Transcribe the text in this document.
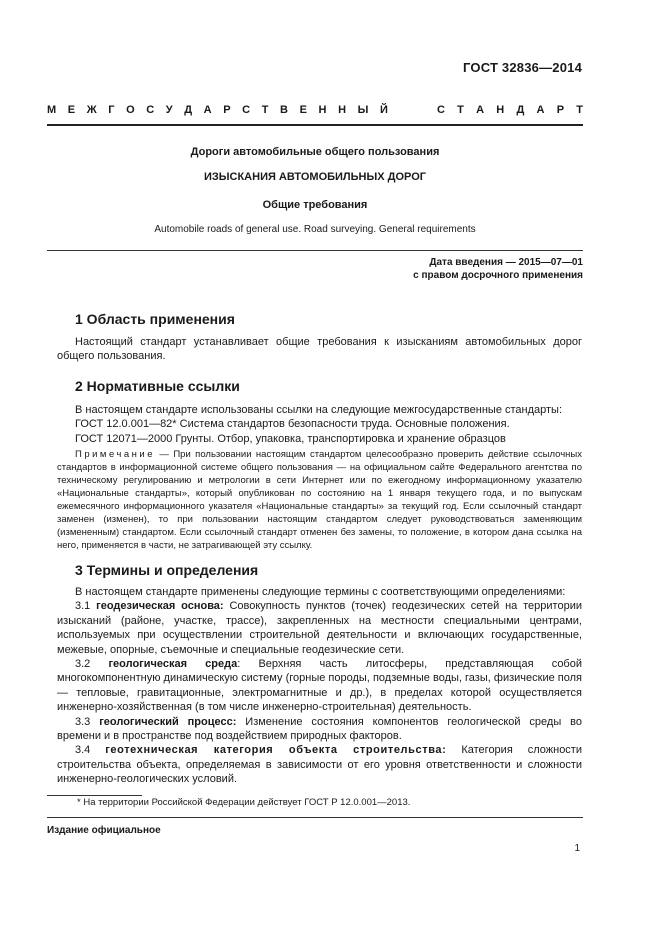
ГОСТ 32836—2014
М Е Ж Г О С У Д А Р С Т В Е Н Н Ы Й	С Т А Н Д А Р Т
Дороги автомобильные общего пользования
ИЗЫСКАНИЯ АВТОМОБИЛЬНЫХ ДОРОГ
Общие требования
Automobile roads of general use. Road surveying. General requirements
Дата введения — 2015—07—01
с правом досрочного применения
1 Область применения

Настоящий стандарт устанавливает общие требования к изысканиям автомобильных дорог общего пользования.

2 Нормативные ссылки

В настоящем стандарте использованы ссылки на следующие межгосударственные стандарты:

ГОСТ 12.0.001—82* Система стандартов безопасности труда. Основные положения.

ГОСТ 12071—2000 Грунты. Отбор, упаковка, транспортировка и хранение образцов

Примечание — При пользовании настоящим стандартом целесообразно проверить действие ссылочных стандартов в информационной системе общего пользования — на официальном сайте Федерального агентства по техническому регулированию и метрологии в сети Интернет или по ежегодному информационному указателю «Национальные стандарты», который опубликован по состоянию на 1 января текущего года, и по выпускам ежемесячного информационного указателя «Национальные стандарты» за текущий год. Если ссылочный стандарт заменен (изменен), то при пользовании настоящим стандартом следует руководствоваться заменяющим (измененным) стандартом. Если ссылочный стандарт отменен без замены, то положение, в котором дана ссылка на него, применяется в части, не затрагивающей эту ссылку.

3 Термины и определения

В настоящем стандарте применены следующие термины с соответствующими определениями:

3.1 геодезическая основа: Совокупность пунктов (точек) геодезических сетей на территории изысканий (районе, участке, трассе), закрепленных на местности специальными центрами, используемых при осуществлении строительной деятельности и включающих государственные, межевые, опорные, съемочные и специальные геодезические сети.

3.2 геологическая среда: Верхняя часть литосферы, представляющая собой многокомпонентную динамическую систему (горные породы, подземные воды, газы, физические поля — тепловые, гравитационные, электромагнитные и др.), в пределах которой осуществляется инженерно-хозяйственная (в том числе инженерно-строительная) деятельность.

3.3 геологический процесс: Изменение состояния компонентов геологической среды во времени и в пространстве под воздействием природных факторов.

3.4 геотехническая категория объекта строительства: Категория сложности строительства объекта, определяемая в зависимости от его уровня ответственности и сложности инженерно-геологических условий.

* На территории Российской Федерации действует ГОСТ Р 12.0.001—2013.
Издание официальное
1
